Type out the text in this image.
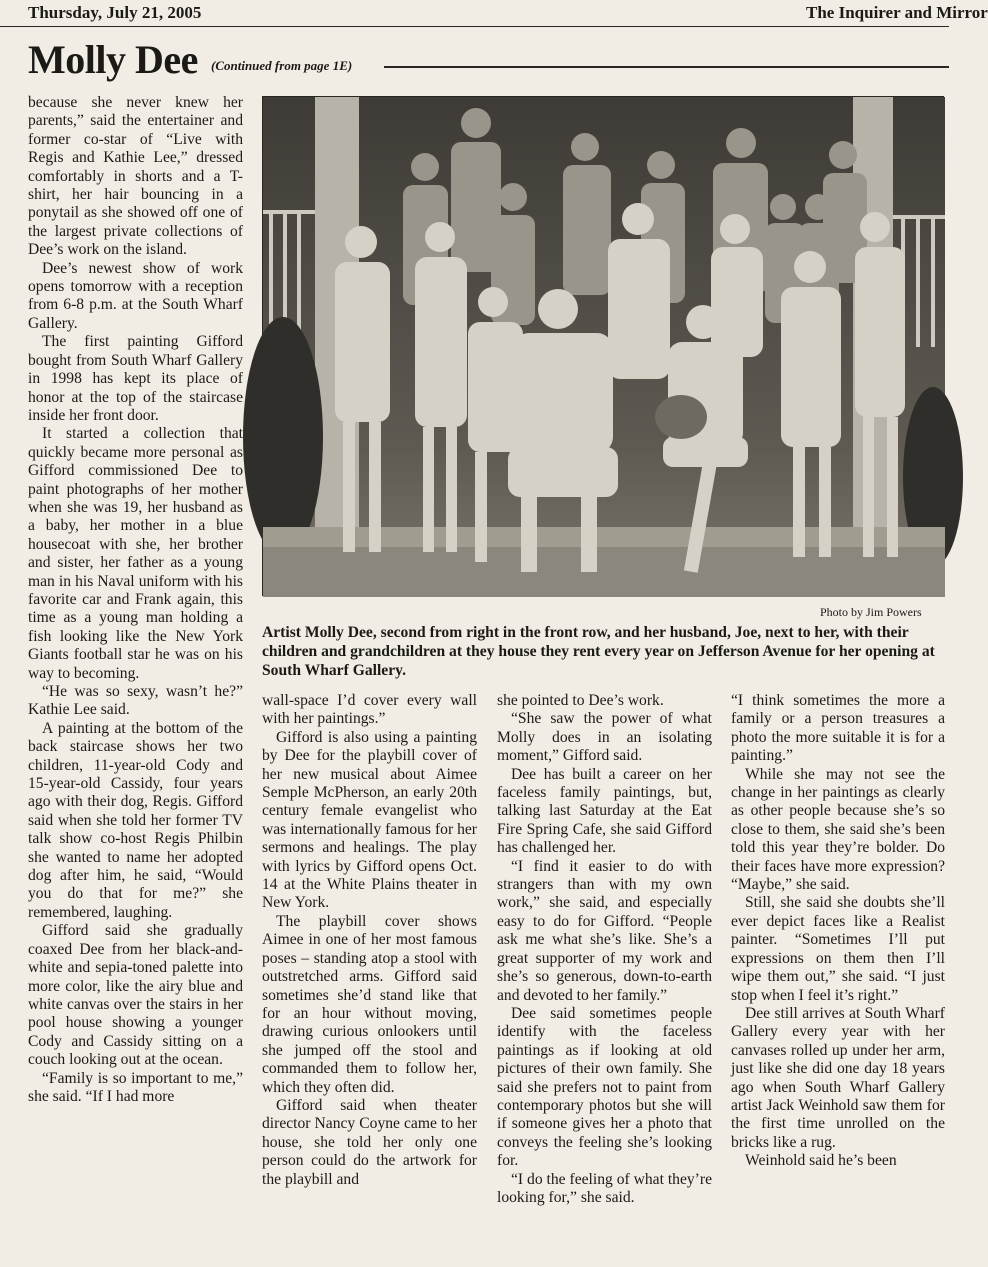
Thursday, July 21, 2005	The Inquirer and Mirror
Molly Dee (Continued from page 1E)

because she never knew her parents,” said the entertainer and former co-star of “Live with Regis and Kathie Lee,” dressed comfortably in shorts and a T-shirt, her hair bouncing in a ponytail as she showed off one of the largest private collections of Dee’s work on the island.

Dee’s newest show of work opens tomorrow with a reception from 6-8 p.m. at the South Wharf Gallery.

The first painting Gifford bought from South Wharf Gallery in 1998 has kept its place of honor at the top of the staircase inside her front door.

It started a collection that quickly became more personal as Gifford commissioned Dee to paint photographs of her mother when she was 19, her husband as a baby, her mother in a blue housecoat with she, her brother and sister, her father as a young man in his Naval uniform with his favorite car and Frank again, this time as a young man holding a fish looking like the New York Giants football star he was on his way to becoming.

“He was so sexy, wasn’t he?” Kathie Lee said.

A painting at the bottom of the back staircase shows her two children, 11-year-old Cody and 15-year-old Cassidy, four years ago with their dog, Regis. Gifford said when she told her former TV talk show co-host Regis Philbin she wanted to name her adopted dog after him, he said, “Would you do that for me?” she remembered, laughing.

Gifford said she gradually coaxed Dee from her black-and-white and sepia-toned palette into more color, like the airy blue and white canvas over the stairs in her pool house showing a younger Cody and Cassidy sitting on a couch looking out at the ocean.

“Family is so important to me,” she said. “If I had more

Photo by Jim Powers
Artist Molly Dee, second from right in the front row, and her husband, Joe, next to her, with their children and grandchildren at they house they rent every year on Jefferson Avenue for her opening at South Wharf Gallery.

wall-space I’d cover every wall with her paintings.”

Gifford is also using a painting by Dee for the playbill cover of her new musical about Aimee Semple McPherson, an early 20th century female evangelist who was internationally famous for her sermons and healings. The play with lyrics by Gifford opens Oct. 14 at the White Plains theater in New York.

The playbill cover shows Aimee in one of her most famous poses – standing atop a stool with outstretched arms. Gifford said sometimes she’d stand like that for an hour without moving, drawing curious onlookers until she jumped off the stool and commanded them to follow her, which they often did.

Gifford said when theater director Nancy Coyne came to her house, she told her only one person could do the artwork for the playbill and

she pointed to Dee’s work.

“She saw the power of what Molly does in an isolating moment,” Gifford said.

Dee has built a career on her faceless family paintings, but, talking last Saturday at the Eat Fire Spring Cafe, she said Gifford has challenged her.

“I find it easier to do with strangers than with my own work,” she said, and especially easy to do for Gifford. “People ask me what she’s like. She’s a great supporter of my work and she’s so generous, down-to-earth and devoted to her family.”

Dee said sometimes people identify with the faceless paintings as if looking at old pictures of their own family. She said she prefers not to paint from contemporary photos but she will if someone gives her a photo that conveys the feeling she’s looking for.

“I do the feeling of what they’re looking for,” she said.

“I think sometimes the more a family or a person treasures a photo the more suitable it is for a painting.”

While she may not see the change in her paintings as clearly as other people because she’s so close to them, she said she’s been told this year they’re bolder. Do their faces have more expression? “Maybe,” she said.

Still, she said she doubts she’ll ever depict faces like a Realist painter. “Sometimes I’ll put expressions on them then I’ll wipe them out,” she said. “I just stop when I feel it’s right.”

Dee still arrives at South Wharf Gallery every year with her canvases rolled up under her arm, just like she did one day 18 years ago when South Wharf Gallery artist Jack Weinhold saw them for the first time unrolled on the bricks like a rug.

Weinhold said he’s been
